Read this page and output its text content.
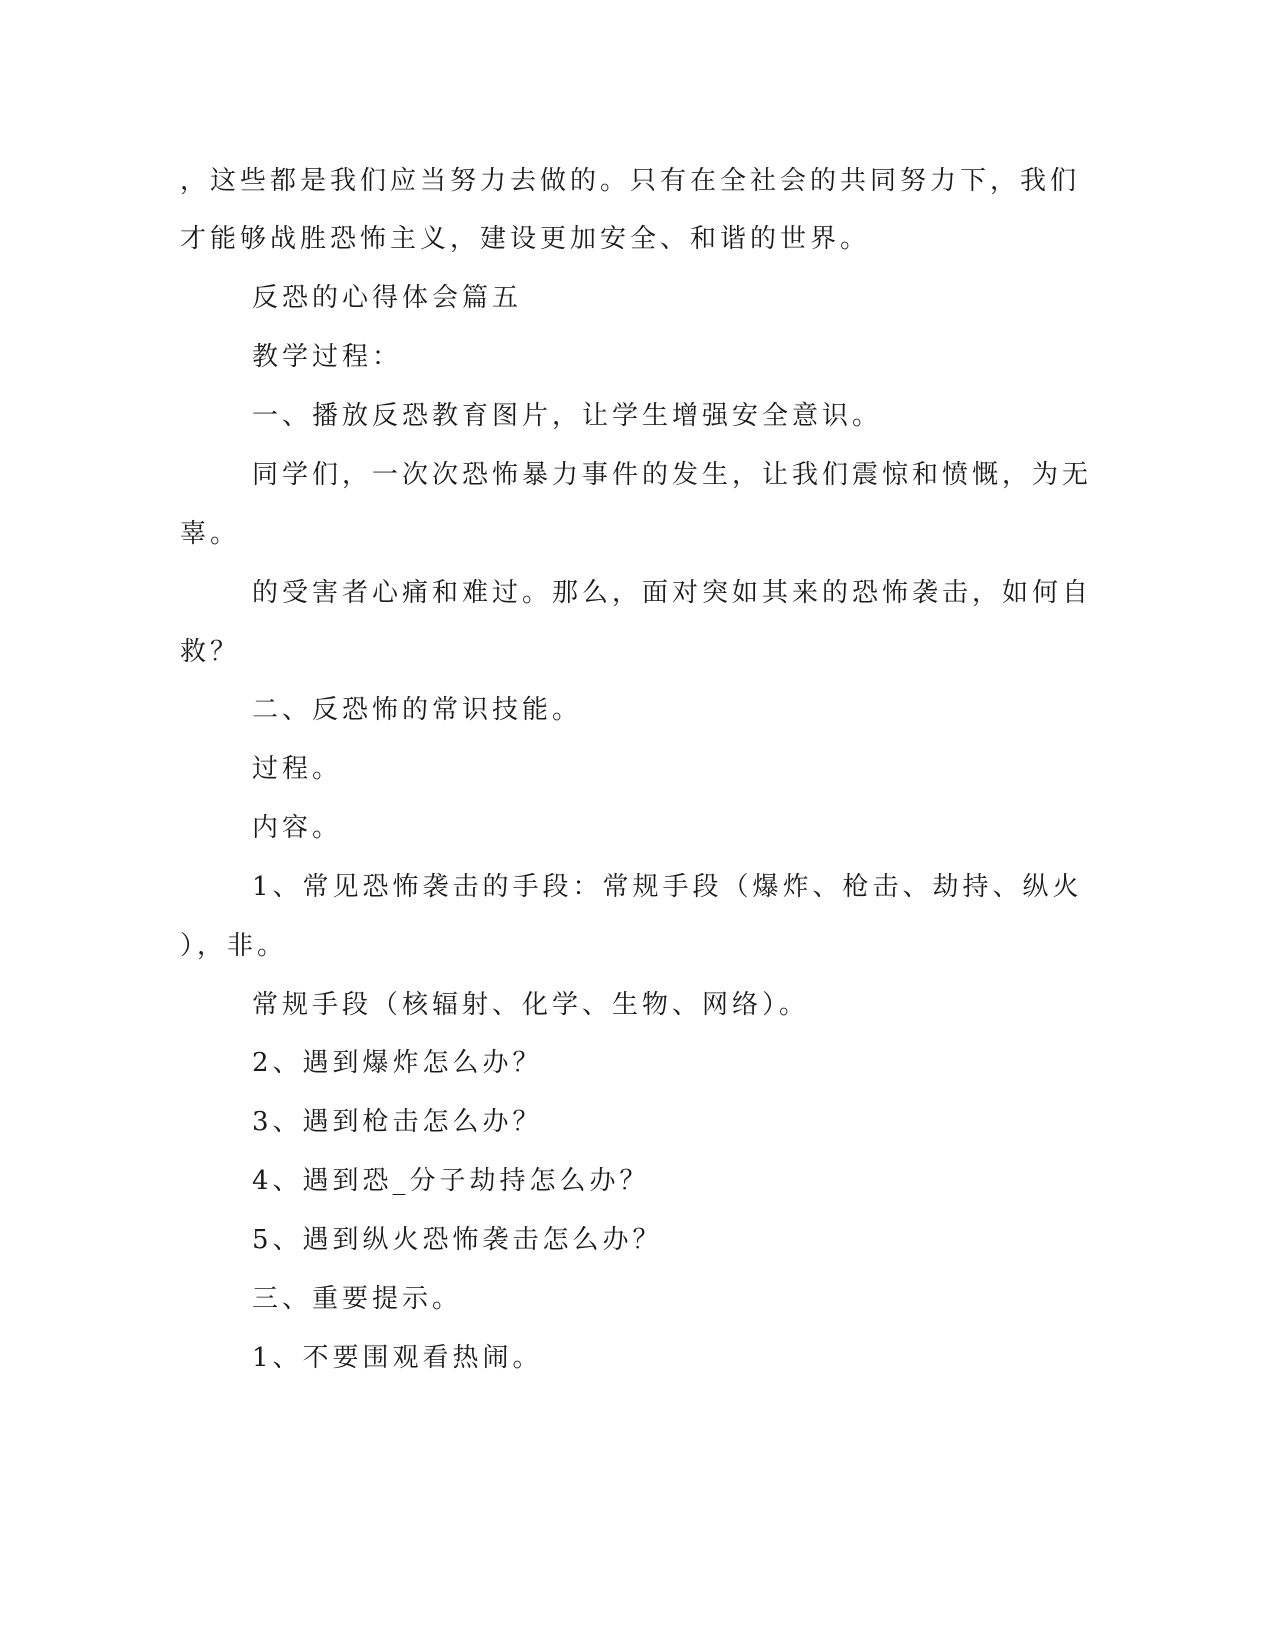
，这些都是我们应当努力去做的。只有在全社会的共同努力下，我们
才能够战胜恐怖主义，建设更加安全、和谐的世界。
反恐的心得体会篇五
教学过程：
一、播放反恐教育图片，让学生增强安全意识。
同学们，一次次恐怖暴力事件的发生，让我们震惊和愤慨，为无
辜。
的受害者心痛和难过。那么，面对突如其来的恐怖袭击，如何自
救？
二、反恐怖的常识技能。
过程。
内容。
1、常见恐怖袭击的手段：常规手段（爆炸、枪击、劫持、纵火
），非。
常规手段（核辐射、化学、生物、网络）。
2、遇到爆炸怎么办？
3、遇到枪击怎么办？
4、遇到恐_分子劫持怎么办？
5、遇到纵火恐怖袭击怎么办？
三、重要提示。
1、不要围观看热闹。
